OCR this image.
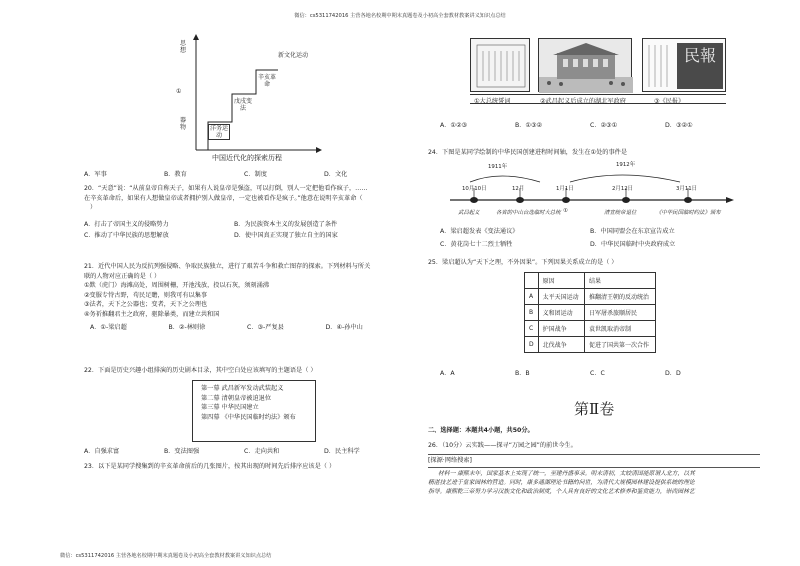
微信：cs5311742016 主营各地名校期中期末真题卷及小初高全套教材教案讲义知识点总结
微信：cs5311742016 主营各地名校期中期末真题卷及小初高全套教材教案讲义知识点总结
思想
①
器物	洋务运动
戊戌变法
辛亥革命
新文化运动
中国近代化的探索历程
A．军事	B．教育	C．制度	D．文化
20．“天意”说：“从前皇帝自称天子，如果有人说皇帝是强盗，可以打倒，别人一定把他看作疯子，……
在辛亥革命后，如果有人想做皇帝或者拥护别人做皇帝，一定也被看作是疯子。”他意在说明辛亥革命（
）
A．打击了帝国主义的侵略势力	B．为民族资本主义的发展创造了条件
C．推动了中华民族的思想解放	D．使中国真正实现了独立自主的国家
21．近代中国人民为反抗列强侵略、争取民族独立，进行了艰苦斗争和救亡图存的探索。下列材料与所关
联的人物对应正确的是（ ）
①默（虎门）海滩高处，周围树栅，开池浅放，投以石灰，须刻涌沸
②变服专恃古野，苟民足贍，则我可有以集事
③法者，天下之公器也；变者，天下之公理也
④务祈推翻君主之政府，驱除暴类，而建立共和国
A．①-梁启超	B．②-林则徐	C．③-严复县	D．④-孙中山
22．下面是历史兴趣小组排演的历史剧本目录，其中空白处应该填写的主题语是（ ）
第一幕 武昌新军发动武装起义
第二幕 清朝皇帝被迫退位
第三幕 中华民国建立
第四幕 《中华民国临时约法》颁布
A．自强求富	B．变法图强	C．走向共和	D．民主科学
23．以下是某同学搜集到的辛亥革命前后的几张图片，按其出现的时间先后排序应该是（ ）
民報
①大总统誓词	②武昌起义后成立的湖北军政府	③《民报》
A．①②③	B．①③②	C．②③①	D．③②①
24．下图是某同学绘制的中华民国创建进程时间轴，发生在①处的事件是
1911年	1912年
10月10日	12月	1月1日	2月12日	3月11日
武昌起义	各省的中山台选临时大总统 ①	清宣统帝退位	《中华民国临时约法》颁布
A．梁启超发表《变法通议》	B．中国同盟会在东京宣告成立
C．黄花岗七十二烈士牺牲	D．中华民国临时中央政府成立
25．梁启超认为“天下之理，不外因果”。下列因果关系成立的是（ ）
	原因	结果
A	太平天国运动	推翻清王朝的反动统治
B	义和团运动	日军屠杀旅顺居民
C	护国战争	袁世凯取消帝制
D	北伐战争	促进了国共第一次合作
A．A	B．B	C．C	D．D
第Ⅱ卷
二、选择题：本题共4小题，共50分。
26．（10分）云实践——探寻“万园之园”的前世今生。
[探源·网络搜索]
材料一 康熙末年，国家基本上实现了统一，至建丹盛事录。明末清初，太皎清国能原谓人北方，以其
精湛技艺进于皇家园林的营造。同时，康多通湖理论书籍的问世，为清代大规模园林建设提供系统的理论
指导。康熙乾三帝努力学习汉族文化和政治制度，个人具有良好的文化艺术修养和鉴赏能力，崇尚园林艺
